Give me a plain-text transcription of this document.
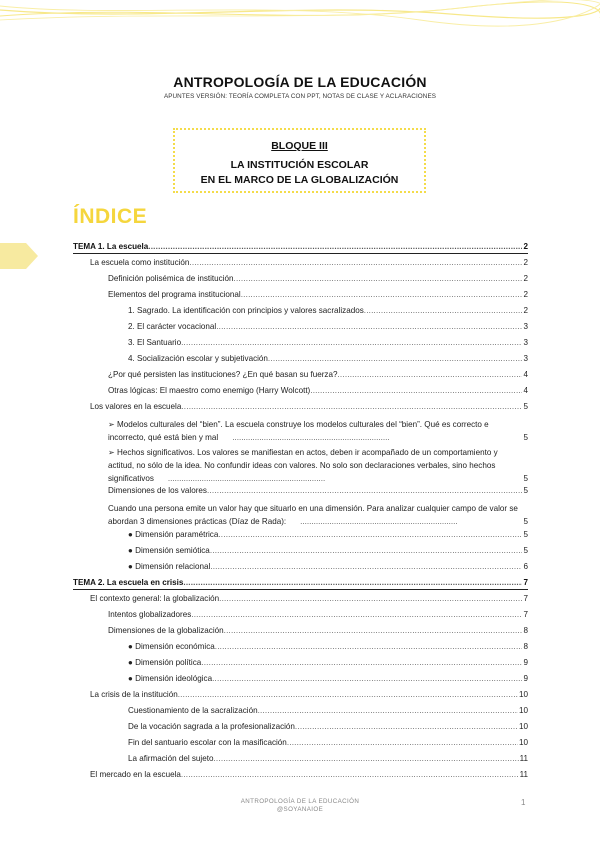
ANTROPOLOGÍA DE LA EDUCACIÓN
APUNTES VERSIÓN: TEORÍA COMPLETA CON PPT, NOTAS DE CLASE Y ACLARACIONES
BLOQUE III
LA INSTITUCIÓN ESCOLAR
EN EL MARCO DE LA GLOBALIZACIÓN
ÍNDICE
TEMA 1. La escuela .....	2
La escuela como institución .....	2
Definición polisémica de institución .....	2
Elementos del programa institucional .....	2
1. Sagrado. La identificación con principios y valores sacralizados .....	2
2. El carácter vocacional .....	3
3. El Santuario .....	3
4. Socialización escolar y subjetivación .....	3
¿Por qué persisten las instituciones? ¿En qué basan su fuerza? .....	4
Otras lógicas: El maestro como enemigo (Harry Wolcott) .....	4
Los valores en la escuela .....	5
➢ Modelos culturales del “bien”. La escuela construye los modelos culturales del “bien”. Qué es correcto e incorrecto, qué está bien y mal ......................................................................	5
➢ Hechos significativos. Los valores se manifiestan en actos, deben ir acompañado de un comportamiento y actitud, no sólo de la idea. No confundir ideas con valores. No solo son declaraciones verbales, sino hechos significativos ......................................................................	5
Dimensiones de los valores .....	5
Cuando una persona emite un valor hay que situarlo en una dimensión. Para analizar cualquier campo de valor se abordan 3 dimensiones prácticas (Díaz de Rada): ......................................................................	5
● Dimensión paramétrica .....	5
● Dimensión semiótica .....	5
● Dimensión relacional .....	6
TEMA 2. La escuela en crisis .....	7
El contexto general: la globalización .....	7
Intentos globalizadores .....	7
Dimensiones de la globalización .....	8
● Dimensión económica .....	8
● Dimensión política .....	9
● Dimensión ideológica .....	9
La crisis de la institución .....	10
Cuestionamiento de la sacralización .....	10
De la vocación sagrada a la profesionalización .....	10
Fin del santuario escolar con la masificación .....	10
La afirmación del sujeto .....	11
El mercado en la escuela .....	11
ANTROPOLOGÍA DE LA EDUCACIÓN
@SOYANAIOE
1
